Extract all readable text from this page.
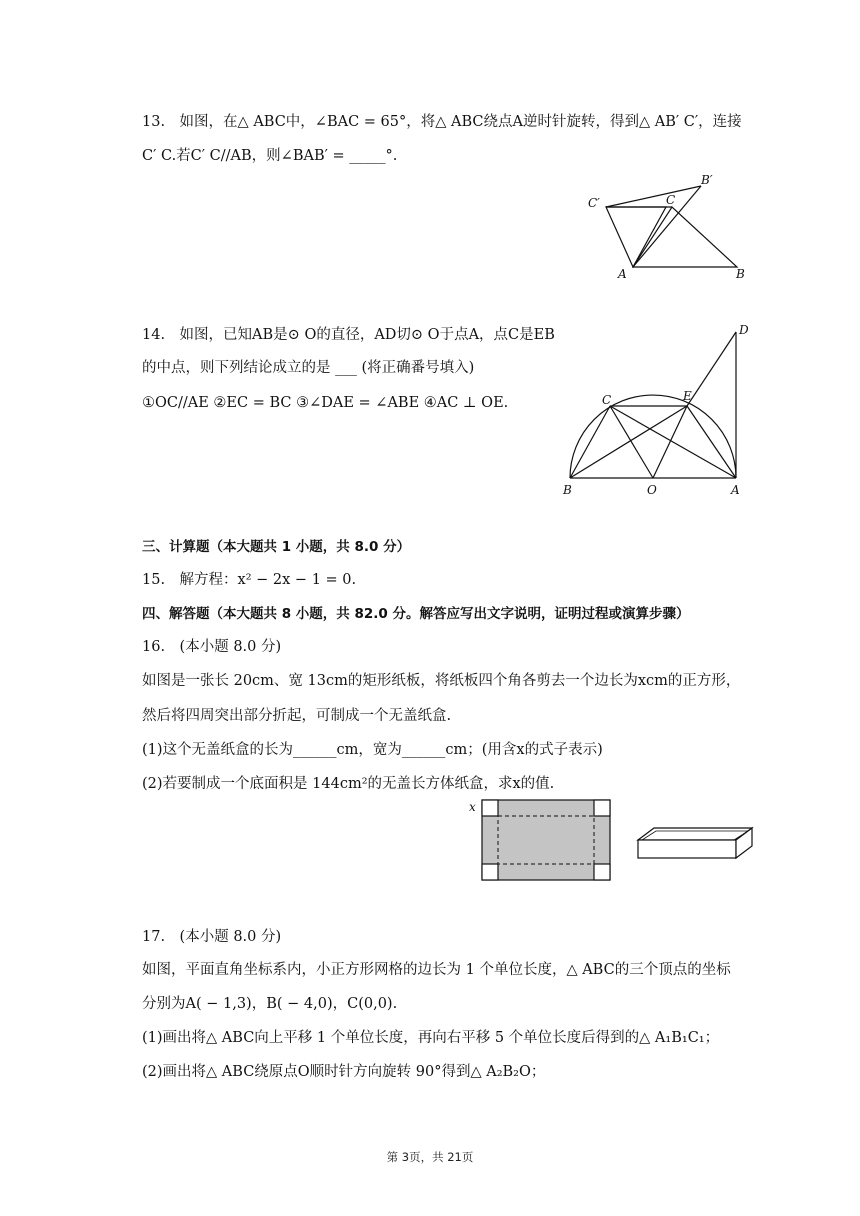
13. 如图，在△ ABC中，∠BAC = 65°，将△ ABC绕点A逆时针旋转，得到△ AB′ C′，连接
C′ C.若C′ C//AB，则∠BAB′ = _____°.
C′	C
B′
A	B
14. 如图，已知AB是⊙ O的直径，AD切⊙ O于点A，点C是EB
的中点，则下列结论成立的是 ___ (将正确番号填入)
①OC//AE ②EC = BC ③∠DAE = ∠ABE ④AC ⊥ OE.
D
C	E
B	O	A
三、计算题（本大题共 1 小题，共 8.0 分）
15. 解方程：x² − 2x − 1 = 0.
四、解答题（本大题共 8 小题，共 82.0 分。解答应写出文字说明，证明过程或演算步骤）
16. (本小题 8.0 分)
如图是一张长 20cm、宽 13cm的矩形纸板，将纸板四个角各剪去一个边长为xcm的正方形，
然后将四周突出部分折起，可制成一个无盖纸盒.
(1)这个无盖纸盒的长为______cm，宽为______cm；(用含x的式子表示)
(2)若要制成一个底面积是 144cm²的无盖长方体纸盒，求x的值.
x
17. (本小题 8.0 分)
如图，平面直角坐标系内，小正方形网格的边长为 1 个单位长度，△ ABC的三个顶点的坐标
分别为A( − 1,3)，B( − 4,0)，C(0,0).
(1)画出将△ ABC向上平移 1 个单位长度，再向右平移 5 个单位长度后得到的△ A₁B₁C₁；
(2)画出将△ ABC绕原点O顺时针方向旋转 90°得到△ A₂B₂O；
第 3页，共 21页
